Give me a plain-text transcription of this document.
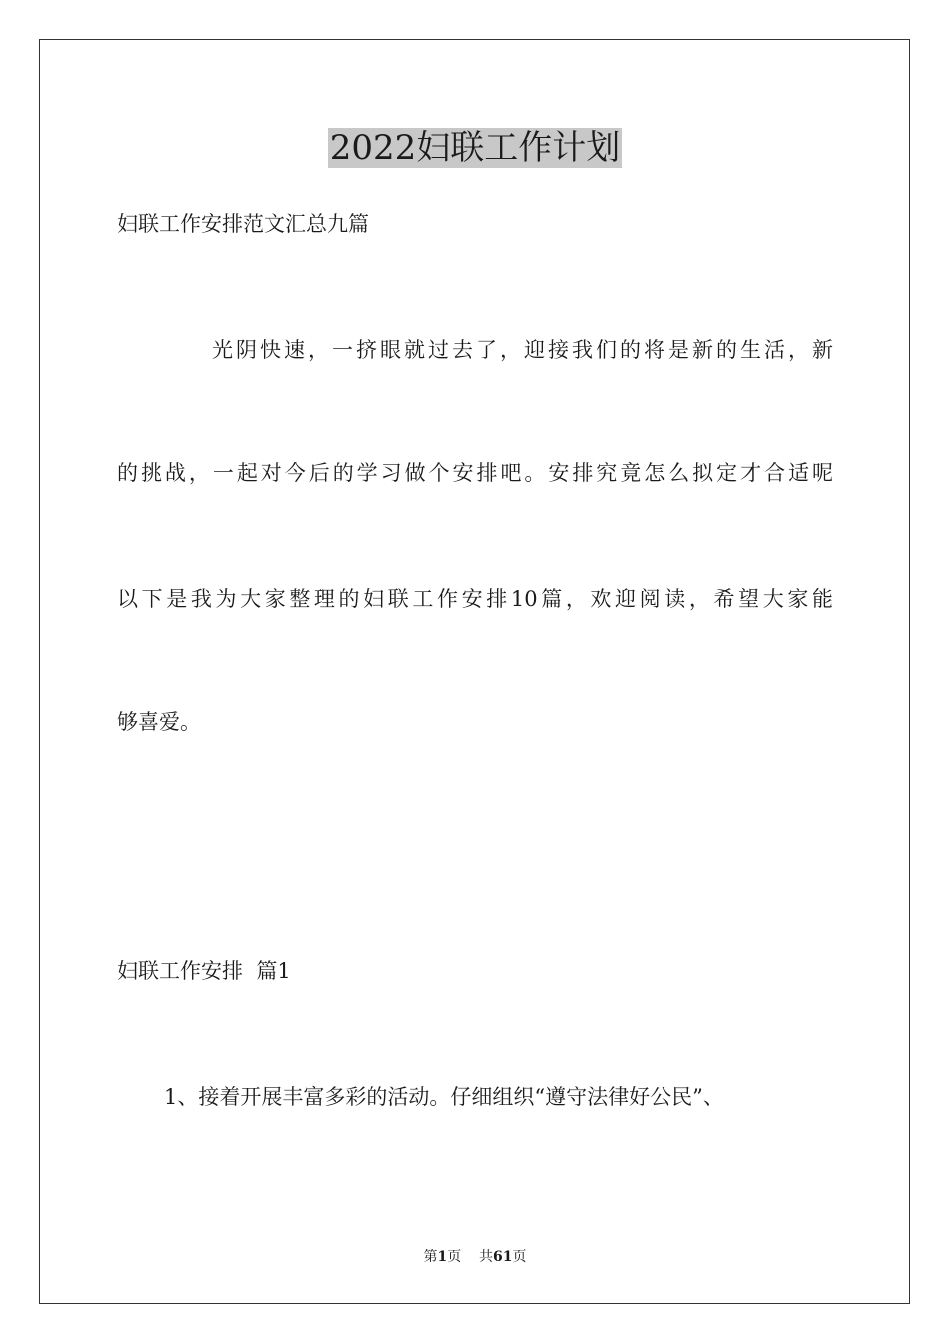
2022妇联工作计划

妇联工作安排范文汇总九篇

光阴快速，一挤眼就过去了，迎接我们的将是新的生活，新

的挑战，一起对今后的学习做个安排吧。安排究竟怎么拟定才合适呢

以下是我为大家整理的妇联工作安排10篇，欢迎阅读，希望大家能

够喜爱。

妇联工作安排  篇1

1、接着开展丰富多彩的活动。仔细组织“遵守法律好公民”、

第1页 共61页
